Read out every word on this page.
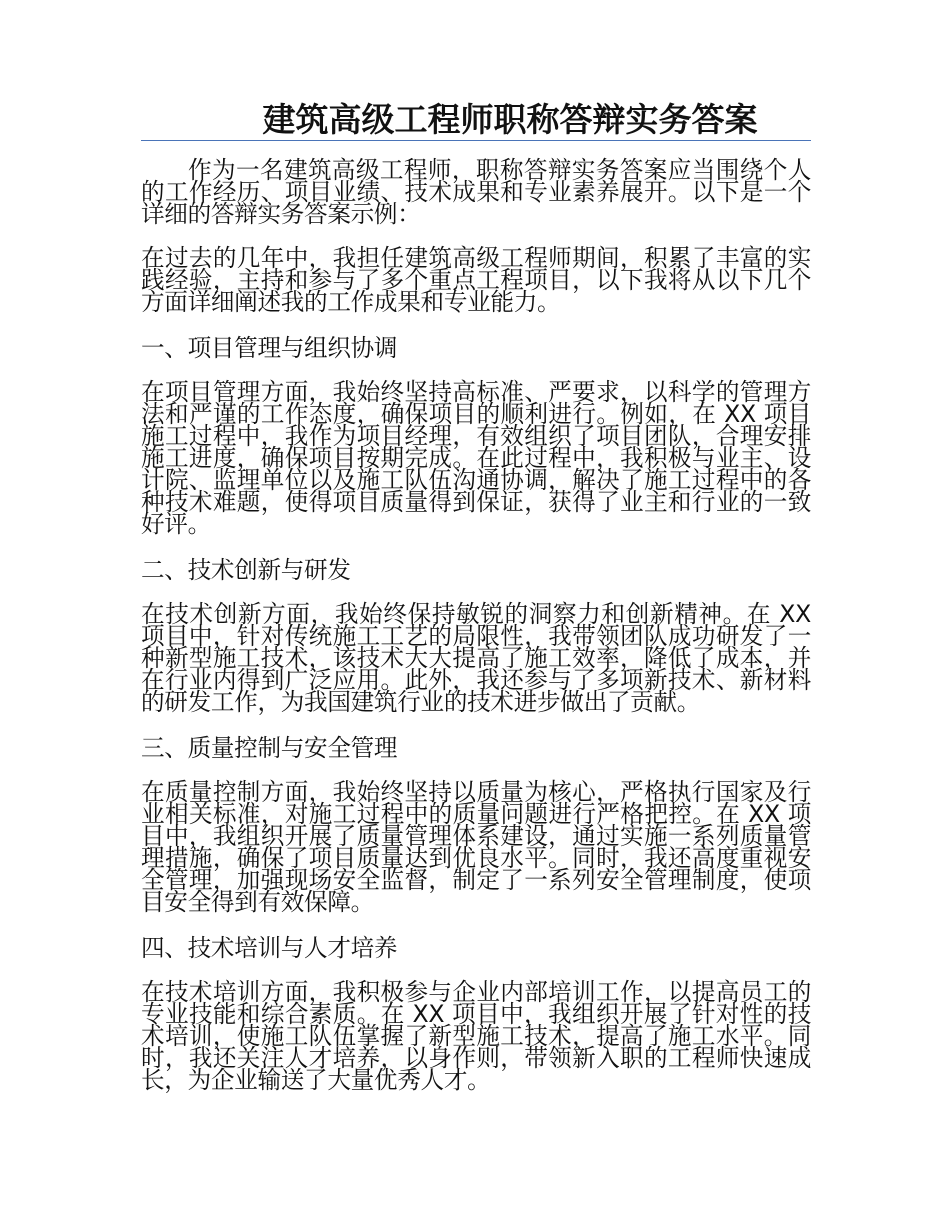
建筑高级工程师职称答辩实务答案

作为一名建筑高级工程师，职称答辩实务答案应当围绕个人的工作经历、项目业绩、技术成果和专业素养展开。以下是一个详细的答辩实务答案示例：

在过去的几年中，我担任建筑高级工程师期间，积累了丰富的实践经验，主持和参与了多个重点工程项目，以下我将从以下几个方面详细阐述我的工作成果和专业能力。

一、项目管理与组织协调

在项目管理方面，我始终坚持高标准、严要求，以科学的管理方法和严谨的工作态度，确保项目的顺利进行。例如，在 XX 项目施工过程中，我作为项目经理，有效组织了项目团队，合理安排施工进度，确保项目按期完成。在此过程中，我积极与业主、设计院、监理单位以及施工队伍沟通协调，解决了施工过程中的各种技术难题，使得项目质量得到保证，获得了业主和行业的一致好评。

二、技术创新与研发

在技术创新方面，我始终保持敏锐的洞察力和创新精神。在 XX 项目中，针对传统施工工艺的局限性，我带领团队成功研发了一种新型施工技术，该技术大大提高了施工效率，降低了成本，并在行业内得到广泛应用。此外，我还参与了多项新技术、新材料的研发工作，为我国建筑行业的技术进步做出了贡献。

三、质量控制与安全管理

在质量控制方面，我始终坚持以质量为核心，严格执行国家及行业相关标准，对施工过程中的质量问题进行严格把控。在 XX 项目中，我组织开展了质量管理体系建设，通过实施一系列质量管理措施，确保了项目质量达到优良水平。同时，我还高度重视安全管理，加强现场安全监督，制定了一系列安全管理制度，使项目安全得到有效保障。

四、技术培训与人才培养

在技术培训方面，我积极参与企业内部培训工作，以提高员工的专业技能和综合素质。在 XX 项目中，我组织开展了针对性的技术培训，使施工队伍掌握了新型施工技术，提高了施工水平。同时，我还关注人才培养，以身作则，带领新入职的工程师快速成长，为企业输送了大量优秀人才。
